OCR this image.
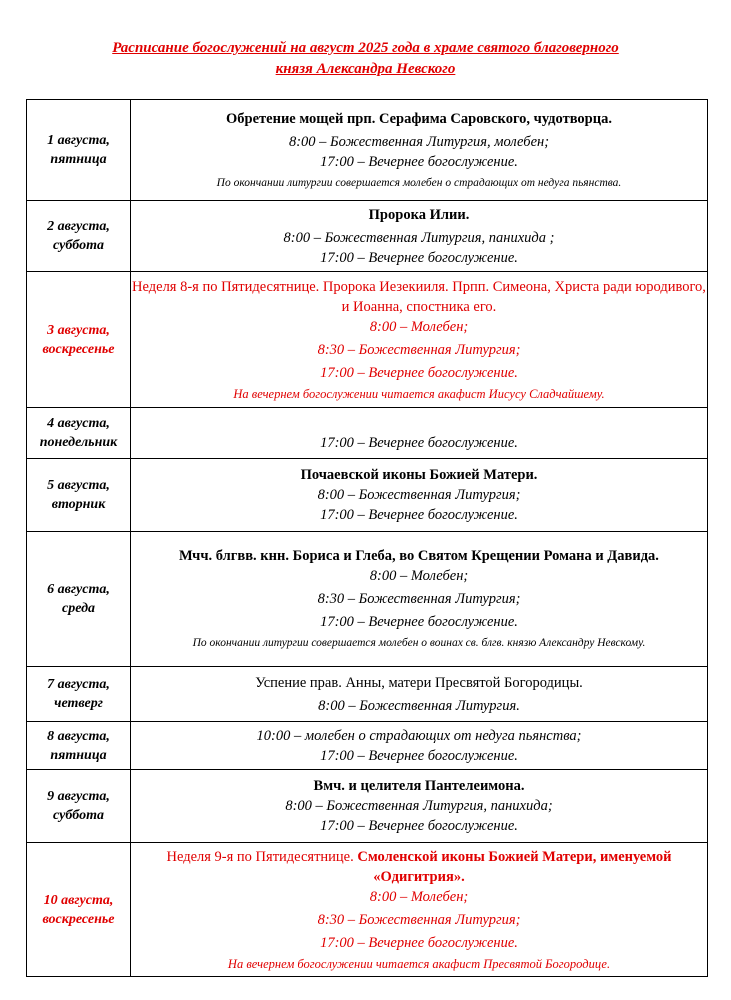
Расписание богослужений на август 2025 года в храме святого благоверного
князя Александра Невского
1 августа,
пятница	Обретение мощей прп. Серафима Саровского, чудотворца.
8:00 – Божественная Литургия, молебен;
17:00 – Вечернее богослужение.
По окончании литургии совершается молебен о страдающих от недуга пьянства.

2 августа,
суббота	Пророка Илии.
8:00 – Божественная Литургия, панихида ;
17:00 – Вечернее богослужение.

3 августа,
воскресенье	Неделя 8-я по Пятидесятнице. Пророка Иезекииля. Прпп. Симеона, Христа ради юродивого, и Иоанна, спостника его.
8:00 – Молебен;
8:30 – Божественная Литургия;
17:00 – Вечернее богослужение.
На вечернем богослужении читается акафист Иисусу Сладчайшему.

4 августа,
понедельник	17:00 – Вечернее богослужение.

5 августа,
вторник	Почаевской иконы Божией Матери.
8:00 – Божественная Литургия;
17:00 – Вечернее богослужение.

6 августа,
среда	Мчч. блгвв. кнн. Бориса и Глеба, во Святом Крещении Романа и Давида.
8:00 – Молебен;
8:30 – Божественная Литургия;
17:00 – Вечернее богослужение.
По окончании литургии совершается молебен о воинах св. блгв. князю Александру Невскому.

7 августа,
четверг	Успение прав. Анны, матери Пресвятой Богородицы.
8:00 – Божественная Литургия.

8 августа,
пятница	10:00 – молебен о страдающих от недуга пьянства;
17:00 – Вечернее богослужение.

9 августа,
суббота	Вмч. и целителя Пантелеимона.
8:00 – Божественная Литургия, панихида;
17:00 – Вечернее богослужение.

10 августа,
воскресенье	Неделя 9-я по Пятидесятнице. Смоленской иконы Божией Матери, именуемой «Одигитрия».
8:00 – Молебен;
8:30 – Божественная Литургия;
17:00 – Вечернее богослужение.
На вечернем богослужении читается акафист Пресвятой Богородице.
